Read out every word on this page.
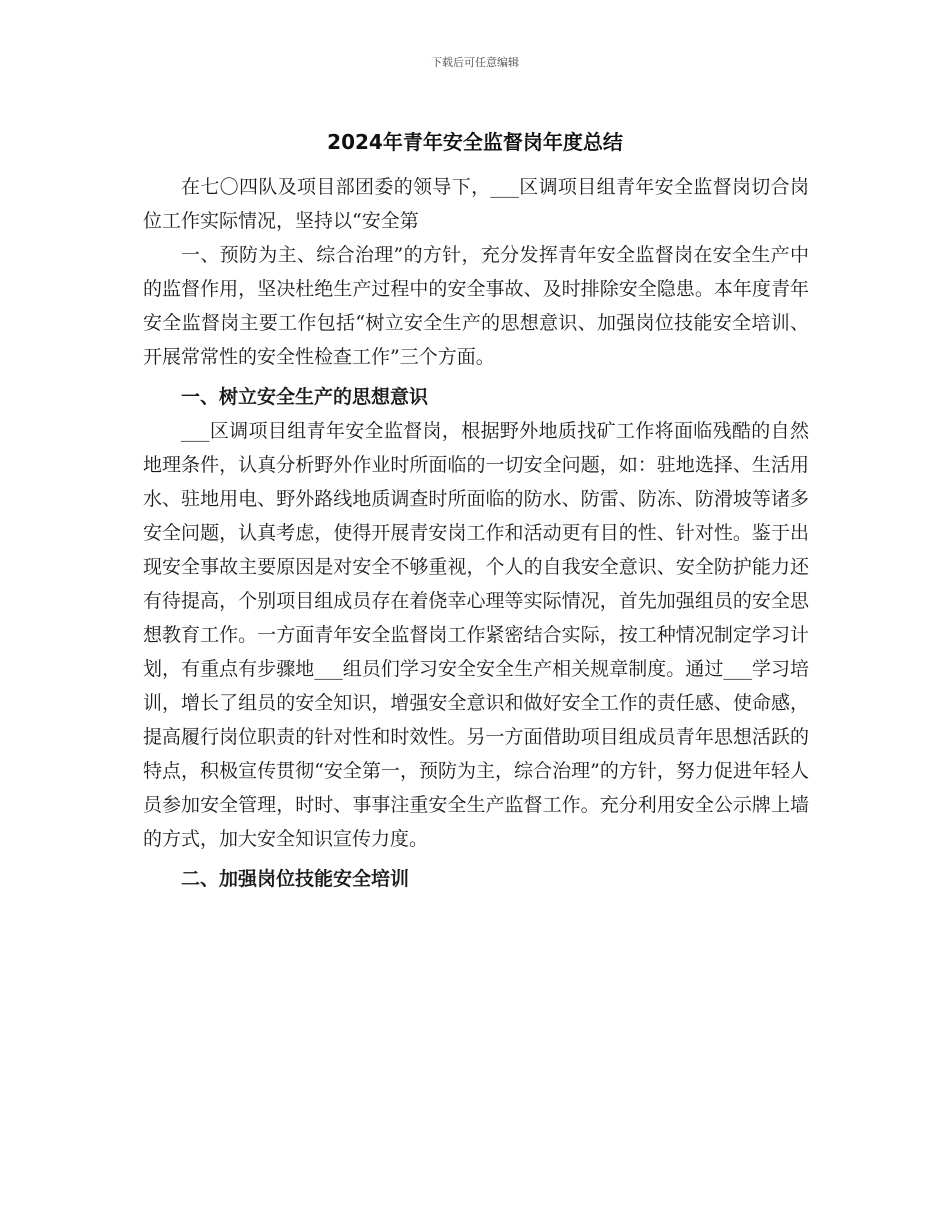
下载后可任意编辑
2024年青年安全监督岗年度总结

在七〇四队及项目部团委的领导下，___区调项目组青年安全监督岗切合岗位工作实际情况，坚持以“安全第

一、预防为主、综合治理”的方针，充分发挥青年安全监督岗在安全生产中的监督作用，坚决杜绝生产过程中的安全事故、及时排除安全隐患。本年度青年安全监督岗主要工作包括“树立安全生产的思想意识、加强岗位技能安全培训、开展常常性的安全性检查工作”三个方面。

一、树立安全生产的思想意识

___区调项目组青年安全监督岗，根据野外地质找矿工作将面临残酷的自然地理条件，认真分析野外作业时所面临的一切安全问题，如：驻地选择、生活用水、驻地用电、野外路线地质调查时所面临的防水、防雷、防冻、防滑坡等诸多安全问题，认真考虑，使得开展青安岗工作和活动更有目的性、针对性。鉴于出现安全事故主要原因是对安全不够重视，个人的自我安全意识、安全防护能力还有待提高，个别项目组成员存在着侥幸心理等实际情况，首先加强组员的安全思想教育工作。一方面青年安全监督岗工作紧密结合实际，按工种情况制定学习计划，有重点有步骤地___组员们学习安全安全生产相关规章制度。通过___学习培训，增长了组员的安全知识，增强安全意识和做好安全工作的责任感、使命感，提高履行岗位职责的针对性和时效性。另一方面借助项目组成员青年思想活跃的特点，积极宣传贯彻“安全第一，预防为主，综合治理”的方针，努力促进年轻人员参加安全管理，时时、事事注重安全生产监督工作。充分利用安全公示牌上墙的方式，加大安全知识宣传力度。

二、加强岗位技能安全培训
